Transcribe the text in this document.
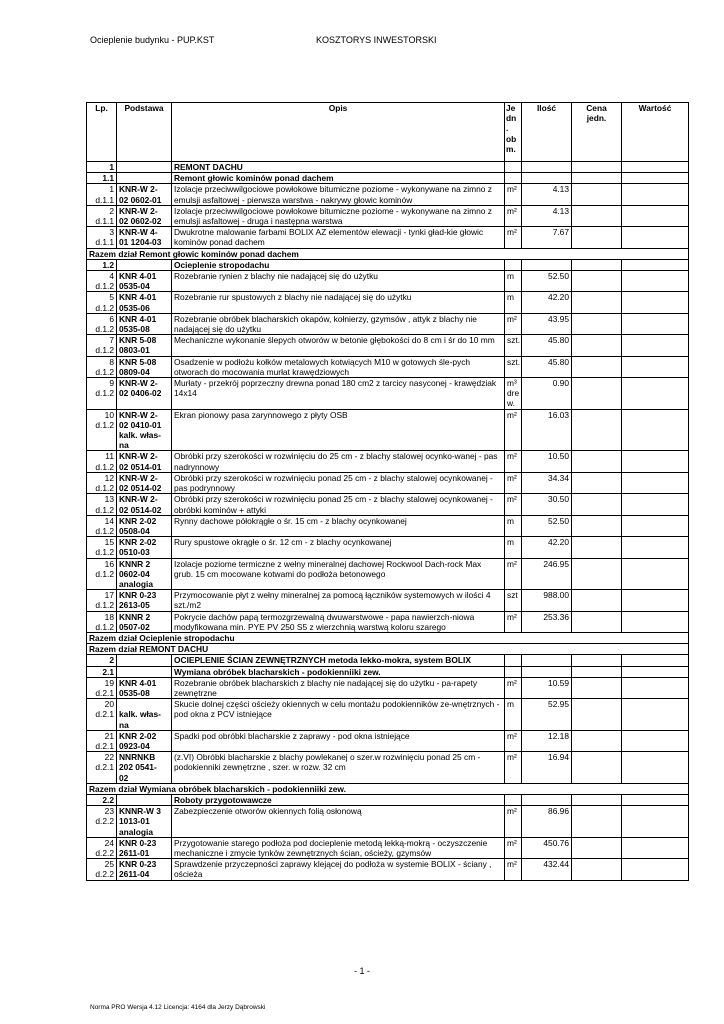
Ocieplenie budynku - PUP.KST	KOSZTORYS INWESTORSKI
Lp.	Podstawa	Opis	Je
dn
.
ob
m.	Ilość	Cena
jedn.	Wartość
1		REMONT DACHU				
1.1		Remont głowic kominów ponad dachem				
1
d.1.1	KNR-W 2-
02 0602-01	Izolacje przeciwwilgociowe powłokowe bitumiczne poziome - wykonywane na zimno z emulsji asfaltowej - pierwsza warstwa - nakrywy głowic kominów	m²	4.13		
2
d.1.1	KNR-W 2-
02 0602-02	Izolacje przeciwwilgociowe powłokowe bitumiczne poziome - wykonywane na zimno z emulsji asfaltowej - druga i następna warstwa	m²	4.13		
3
d.1.1	KNR-W 4-
01 1204-03	Dwukrotne malowanie farbami BOLIX AZ elementów elewacji - tynki gład-kie głowic kominów ponad dachem	m²	7.67		
Razem dział Remont głowic kominów ponad dachem						
1.2		Ocieplenie stropodachu				
4
d.1.2	KNR 4-01
0535-04	Rozebranie rynien z blachy nie nadającej się do użytku	m	52.50		
5
d.1.2	KNR 4-01
0535-06	Rozebranie rur spustowych z blachy nie nadającej się do użytku	m	42.20		
6
d.1.2	KNR 4-01
0535-08	Rozebranie obróbek blacharskich okapów, kołnierzy, gzymsów , attyk z blachy nie nadającej się do użytku	m²	43.95		
7
d.1.2	KNR 5-08
0803-01	Mechaniczne wykonanie ślepych otworów w betonie głębokości do 8 cm i śr do 10 mm	szt.	45.80		
8
d.1.2	KNR 5-08
0809-04	Osadzenie w podłożu kołków metalowych kotwiących M10 w gotowych śle-pych otworach do mocowania murłat krawędziowych	szt.	45.80		
9
d.1.2	KNR-W 2-
02 0406-02	Murłaty - przekrój poprzeczny drewna ponad 180 cm2 z tarcicy nasyconej - krawędziak 14x14	m³
dre
w.	0.90		
10
d.1.2	KNR-W 2-
02 0410-01
kalk. włas-
na	Ekran pionowy pasa zarynnowego z płyty OSB	m²	16.03		
11
d.1.2	KNR-W 2-
02 0514-01	Obróbki przy szerokości w rozwinięciu do 25 cm - z blachy stalowej ocynko-wanej - pas nadrynnowy	m²	10.50		
12
d.1.2	KNR-W 2-
02 0514-02	Obróbki przy szerokości w rozwinięciu ponad 25 cm - z blachy stalowej ocynkowanej - pas podrynnowy	m²	34.34		
13
d.1.2	KNR-W 2-
02 0514-02	Obróbki przy szerokości w rozwinięciu ponad 25 cm - z blachy stalowej ocynkowanej -obróbki kominów + attyki	m²	30.50		
14
d.1.2	KNR 2-02
0508-04	Rynny dachowe półokrągłe o śr. 15 cm - z blachy ocynkowanej	m	52.50		
15
d.1.2	KNR 2-02
0510-03	Rury spustowe okrągłe o śr. 12 cm - z blachy ocynkowanej	m	42.20		
16
d.1.2	KNNR 2
0602-04
analogia	Izolacje poziome termiczne z wełny mineralnej dachowej Rockwool Dach-rock Max grub. 15 cm mocowane kotwami do podłoża betonowego	m²	246.95		
17
d.1.2	KNR 0-23
2613-05	Przymocowanie płyt z wełny mineralnej za pomocą łączników systemowych w ilości 4 szt./m2	szt	988.00		
18
d.1.2	KNNR 2
0507-02	Pokrycie dachów papą termozgrzewalną dwuwarstwowe - papa nawierzch-niowa modyfikowana min. PYE PV 250 S5 z wierzchnią warstwą koloru szarego	m²	253.36		
Razem dział Ocieplenie stropodachu						
Razem dział REMONT DACHU						
2		OCIEPLENIE ŚCIAN ZEWNĘTRZNYCH metoda lekko-mokra, system BOLIX				
2.1		Wymiana obróbek blacharskich - podokienniiki zew.				
19
d.2.1	KNR 4-01
0535-08	Rozebranie obróbek blacharskich z blachy nie nadającej się do użytku - pa-rapety zewnętrzne	m²	10.59		
20
d.2.1	
kalk. włas-
na	Skucie dolnej części ościeży okiennych w celu montażu podokienników ze-wnętrznych - pod okna z PCV istniejące	m	52.95		
21
d.2.1	KNR 2-02
0923-04	Spadki pod obróbki blacharskie z zaprawy - pod okna istniejące	m²	12.18		
22
d.2.1	NNRNKB
202 0541-
02	(z.VI) Obróbki blacharskie z blachy powlekanej o szer.w rozwinięciu ponad 25 cm - podokienniki zewnętrzne , szer. w rozw. 32 cm	m²	16.94		
Razem dział Wymiana obróbek blacharskich - podokienniiki zew.						
2.2		Roboty przygotowawcze				
23
d.2.2	KNNR-W 3
1013-01
analogia	Zabezpieczenie otworów okiennych folią osłonową	m²	86.96		
24
d.2.2	KNR 0-23
2611-01	Przygotowanie starego podłoża pod docieplenie metodą lekką-mokrą - oczyszczenie mechaniczne i zmycie tynków zewnętrznych ścian, ościeży, gzymsów	m²	450.76		
25
d.2.2	KNR 0-23
2611-04	Sprawdzenie przyczepności zaprawy klejącej do podłoża w systemie BOLIX - ściany , ościeża	m²	432.44		
- 1 -
Norma PRO Wersja 4.12 Licencja: 4164 dla Jerzy Dąbrowski
